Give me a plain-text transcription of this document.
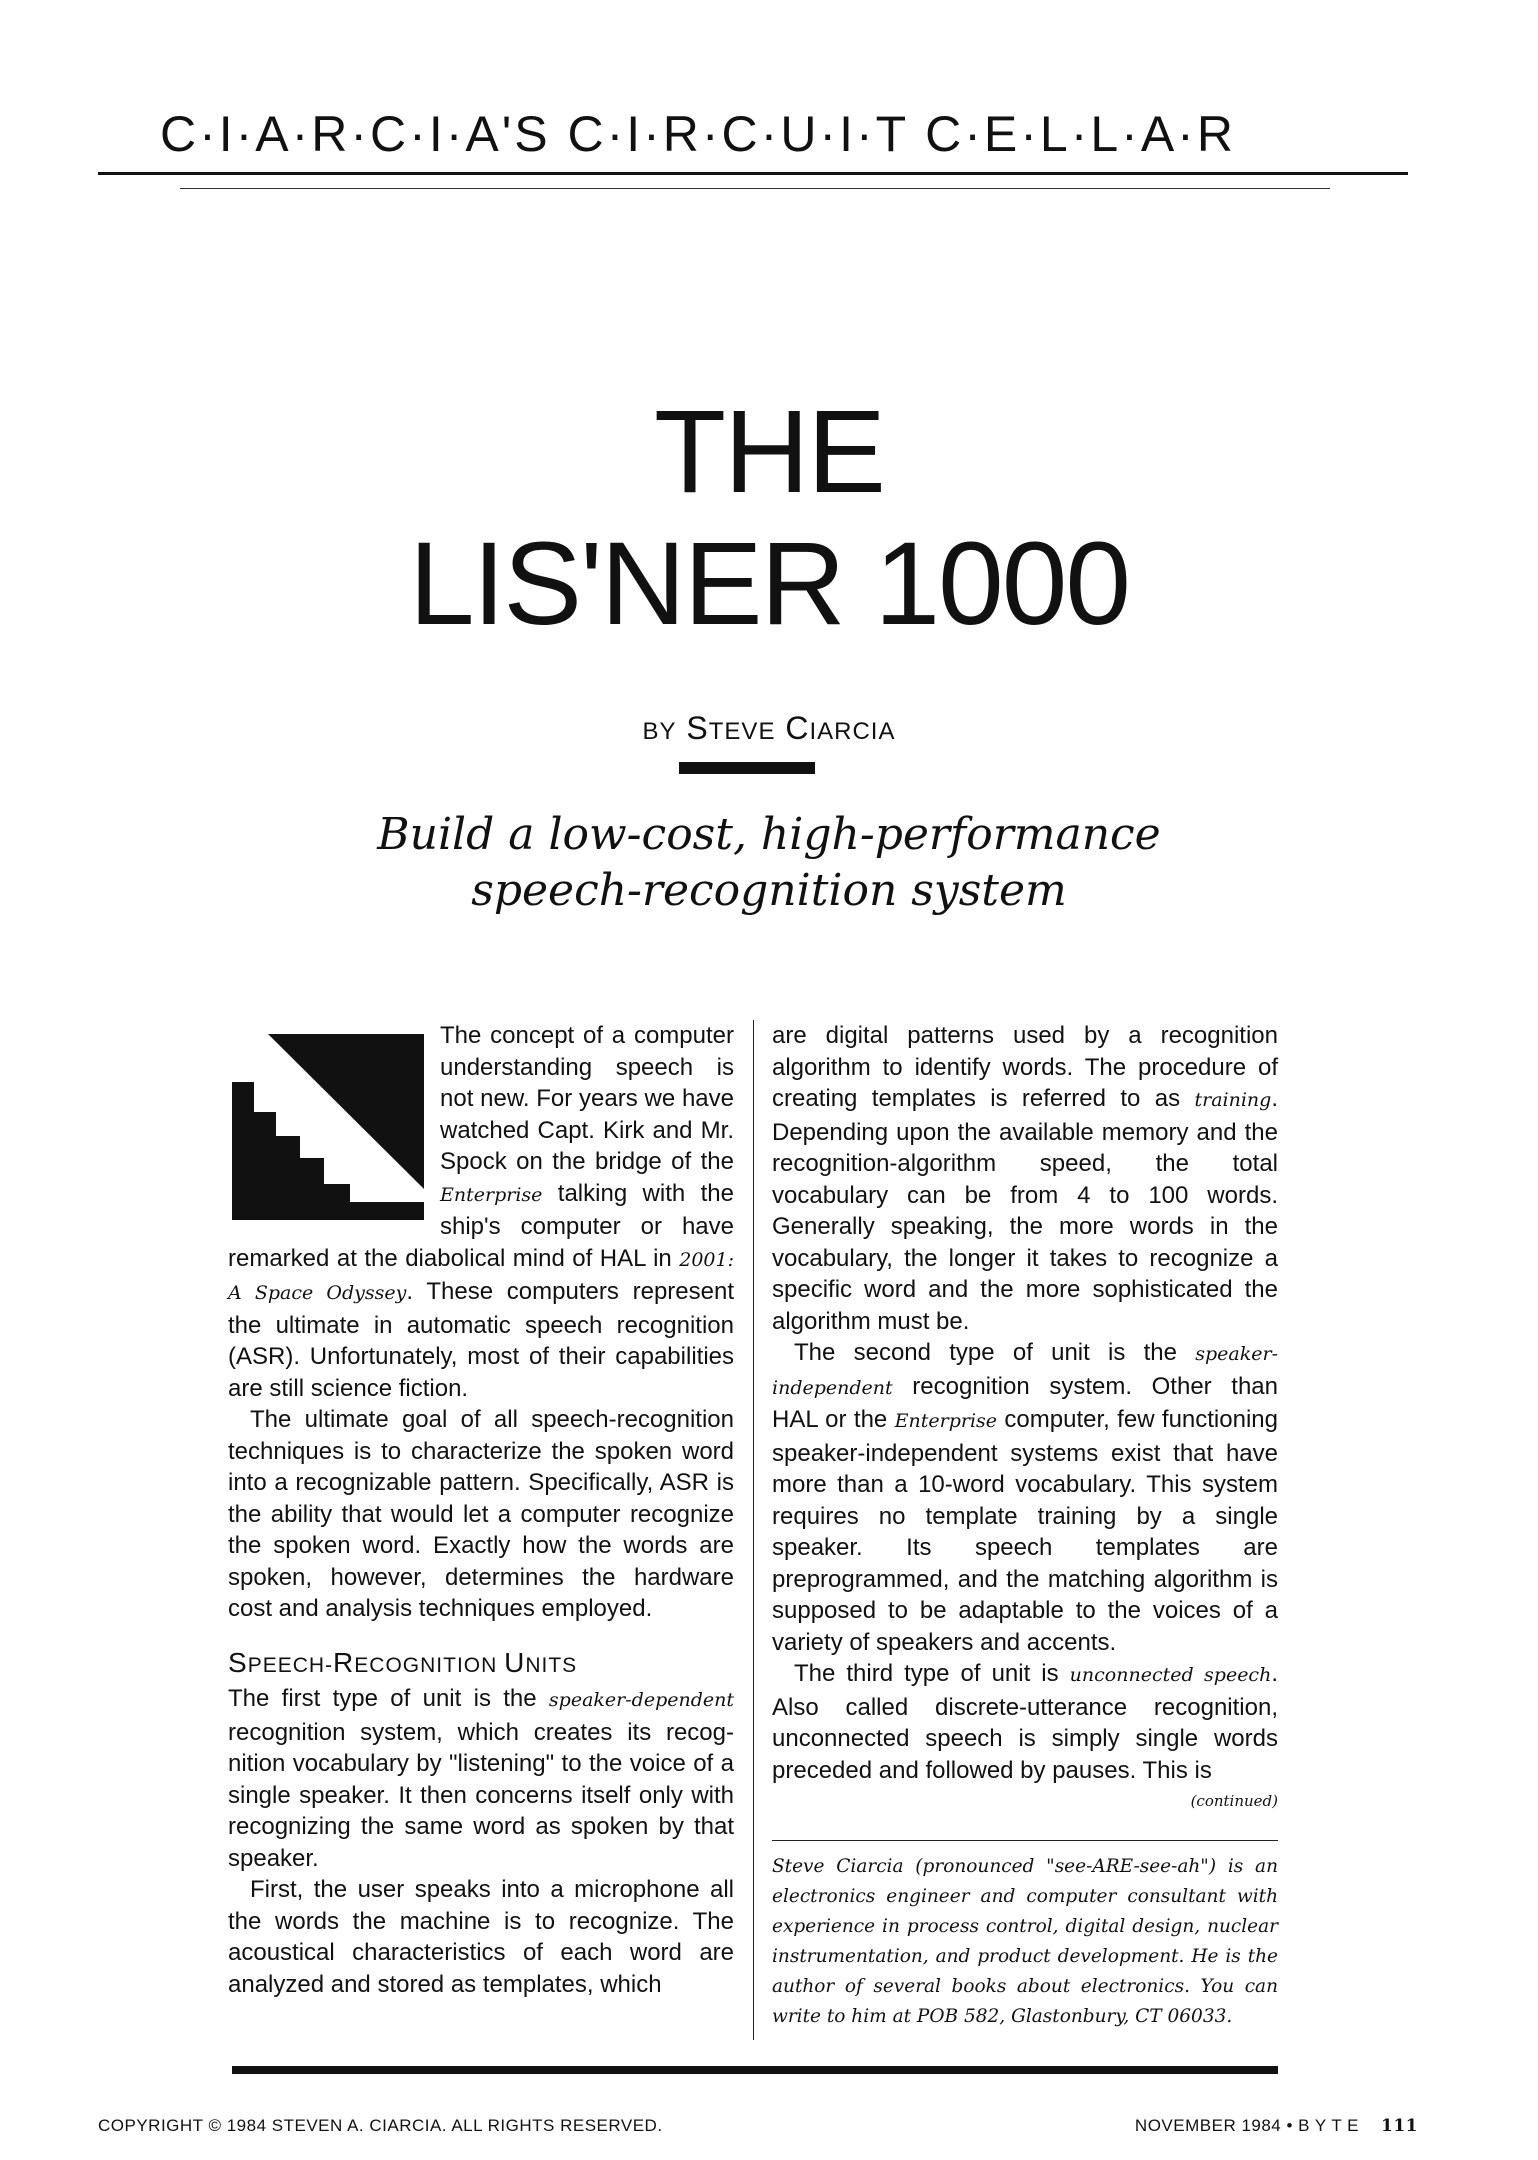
C·I·A·R·C·I·A'S C·I·R·C·U·I·T C·E·L·L·A·R
THE
LIS'NER 1000
BY STEVE CIARCIA
Build a low-cost, high-performance
speech-recognition system

The concept of a computer understanding speech is not new. For years we have watched Capt. Kirk and Mr. Spock on the bridge of the Enterprise talking with the ship's computer or have remarked at the diabolical mind of HAL in 2001: A Space Odyssey. These computers represent the ultimate in automatic speech recognition (ASR). Unfortunately, most of their capabilities are still science fiction.

The ultimate goal of all speech-recognition techniques is to characterize the spoken word into a recognizable pattern. Specifically, ASR is the ability that would let a computer recognize the spoken word. Exactly how the words are spoken, however, determines the hardware cost and analysis techniques employed.

SPEECH-RECOGNITION UNITS

The first type of unit is the speaker-dependent recognition system, which creates its recognition vocabulary by "listening" to the voice of a single speaker. It then concerns itself only with recognizing the same word as spoken by that speaker.

First, the user speaks into a microphone all the words the machine is to recognize. The acoustical characteristics of each word are analyzed and stored as templates, which

are digital patterns used by a recognition algorithm to identify words. The procedure of creating templates is referred to as training. Depending upon the available memory and the recognition-algorithm speed, the total vocabulary can be from 4 to 100 words. Generally speaking, the more words in the vocabulary, the longer it takes to recognize a specific word and the more sophisticated the algorithm must be.

The second type of unit is the speaker-independent recognition system. Other than HAL or the Enterprise computer, few functioning speaker-independent systems exist that have more than a 10-word vocabulary. This system requires no template training by a single speaker. Its speech templates are preprogrammed, and the matching algorithm is supposed to be adaptable to the voices of a variety of speakers and accents.

The third type of unit is unconnected speech. Also called discrete-utterance recognition, unconnected speech is simply single words preceded and followed by pauses. This is

(continued)
Steve Ciarcia (pronounced "see-ARE-see-ah") is an electronics engineer and computer consultant with experience in process control, digital design, nuclear instrumentation, and product development. He is the author of several books about electronics. You can write to him at POB 582, Glastonbury, CT 06033.
COPYRIGHT © 1984 STEVEN A. CIARCIA. ALL RIGHTS RESERVED.	NOVEMBER 1984 • B Y T E 111
